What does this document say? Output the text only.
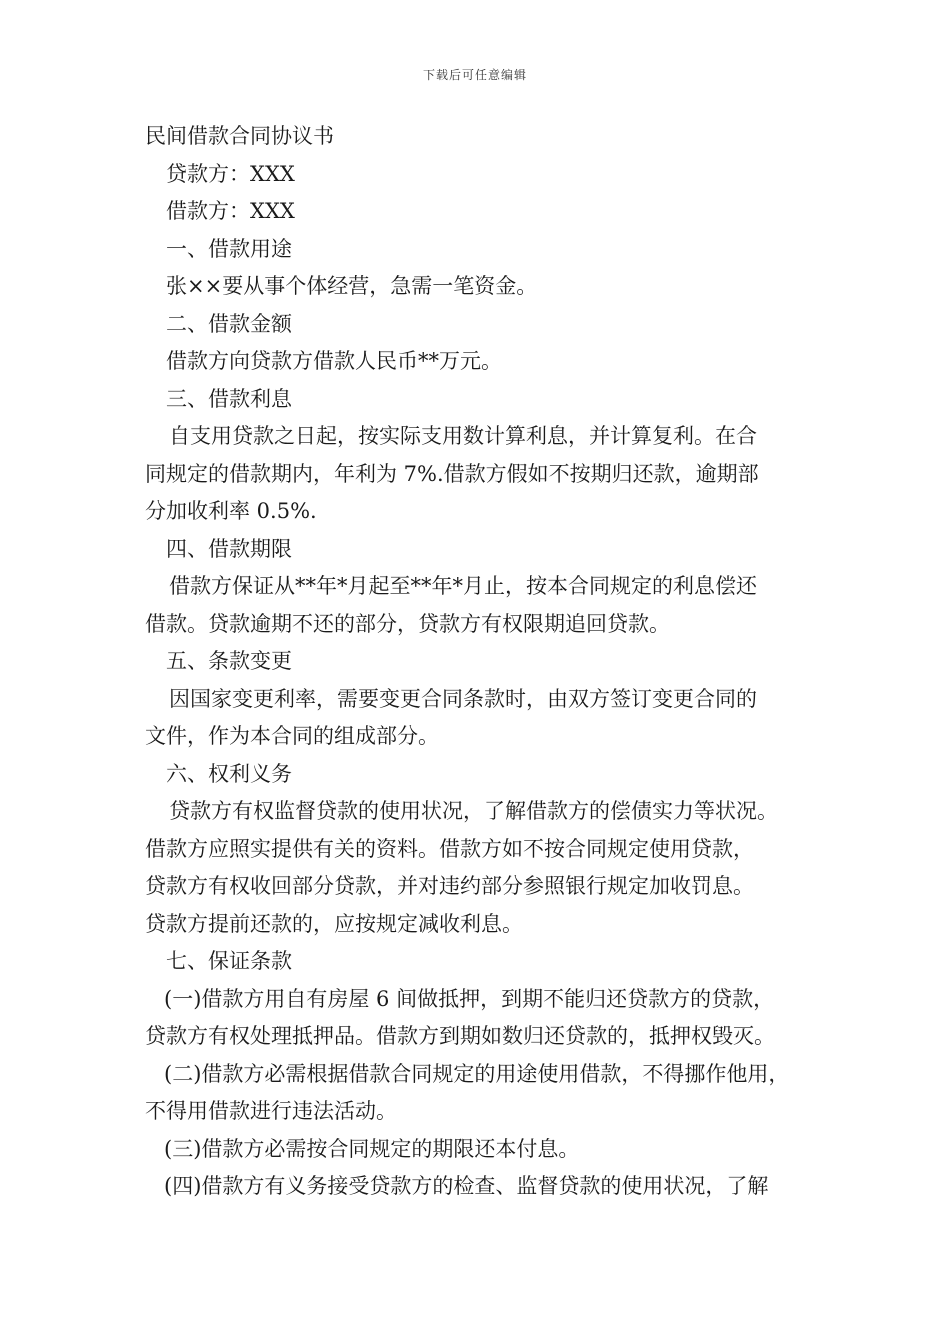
下载后可任意编辑

民间借款合同协议书

贷款方：XXX

借款方：XXX

一、借款用途

张××要从事个体经营，急需一笔资金。

二、借款金额

借款方向贷款方借款人民币**万元。

三、借款利息

自支用贷款之日起，按实际支用数计算利息，并计算复利。在合

同规定的借款期内，年利为 7%.借款方假如不按期归还款，逾期部

分加收利率 0.5%.

四、借款期限

借款方保证从**年*月起至**年*月止，按本合同规定的利息偿还

借款。贷款逾期不还的部分，贷款方有权限期追回贷款。

五、条款变更

因国家变更利率，需要变更合同条款时，由双方签订变更合同的

文件，作为本合同的组成部分。

六、权利义务

贷款方有权监督贷款的使用状况，了解借款方的偿债实力等状况。

借款方应照实提供有关的资料。借款方如不按合同规定使用贷款，

贷款方有权收回部分贷款，并对违约部分参照银行规定加收罚息。

贷款方提前还款的，应按规定减收利息。

七、保证条款

(一)借款方用自有房屋 6 间做抵押，到期不能归还贷款方的贷款，

贷款方有权处理抵押品。借款方到期如数归还贷款的，抵押权毁灭。

(二)借款方必需根据借款合同规定的用途使用借款，不得挪作他用，

不得用借款进行违法活动。

(三)借款方必需按合同规定的期限还本付息。

(四)借款方有义务接受贷款方的检查、监督贷款的使用状况，了解
